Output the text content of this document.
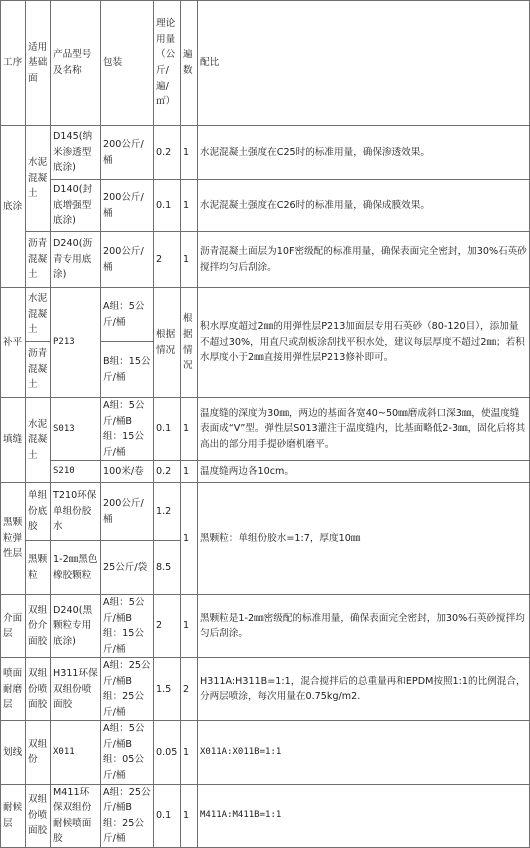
工序	适用基础面	产品型号及名称	包装	理论用量（公斤/遍/㎡）	遍数	配比
底涂	水泥混凝土	D145(纳米渗透型底涂)	200公斤/桶	0.2	1	水泥混凝土强度在C25时的标准用量，确保渗透效果。
		D140(封底增强型底涂)	200公斤/桶	0.1	1	水泥混凝土强度在C26时的标准用量，确保成膜效果。
	沥青混凝土	D240(沥青专用底涂)	200公斤/桶	2	1	沥青混凝土面层为10F密级配的标准用量，确保表面完全密封，加30%石英砂搅拌均匀后刮涂。
补平	水泥混凝土	P213	A组：5公斤/桶	根据情况	根据情况	积水厚度超过2㎜的用弹性层P213加面层专用石英砂（80-120目），添加量不超过30%，用直尺或刮板涂刮找平积水处，建议每层厚度不超过2㎜；若积水厚度小于2㎜直接用弹性层P213修补即可。
	沥青混凝土		B组：15公斤/桶			
填缝	水泥混凝土	S013	A组：5公斤/桶B组：15公斤/桶	0.1	1	温度缝的深度为30㎜，两边的基面各宽40~50㎜磨成斜口深3㎜，使温度缝表面成“V”型。弹性层S013灌注于温度缝内，比基面略低2-3㎜，固化后将其高出的部分用手提砂磨机磨平。
		S210	100米/卷	0.2	1	温度缝两边各10cm。
黑颗粒弹性层	单组份底胶	T210环保单组份胶水	200公斤/桶	1.2	1	黑颗粒：单组份胶水=1:7，厚度10㎜
	黑颗粒	1-2㎜黑色橡胶颗粒	25公斤/袋	8.5		
介面层	双组份介面胶	D240(黑颗粒专用底涂)	A组：5公斤/桶B组：15公斤/桶	2	1	黑颗粒是1-2㎜密级配的标准用量，确保表面完全密封，加30%石英砂搅拌均匀后刮涂。
喷面耐磨层	双组份喷面胶	H311环保双组份喷面胶	A组：25公斤/桶B组：25公斤/桶	1.5	2	H311A:H311B=1:1，混合搅拌后的总重量再和EPDM按照1:1的比例混合，分两层喷涂，每次用量在0.75kg/m2.
划线	双组份	X011	A组：5公斤/桶B组：05公斤/桶	0.05	1	X011A:X011B=1:1
耐候层	双组份喷面胶	M411环保双组份耐候喷面胶	A组：25公斤/桶B组：25公斤/桶	0.1	1	M411A:M411B=1:1
